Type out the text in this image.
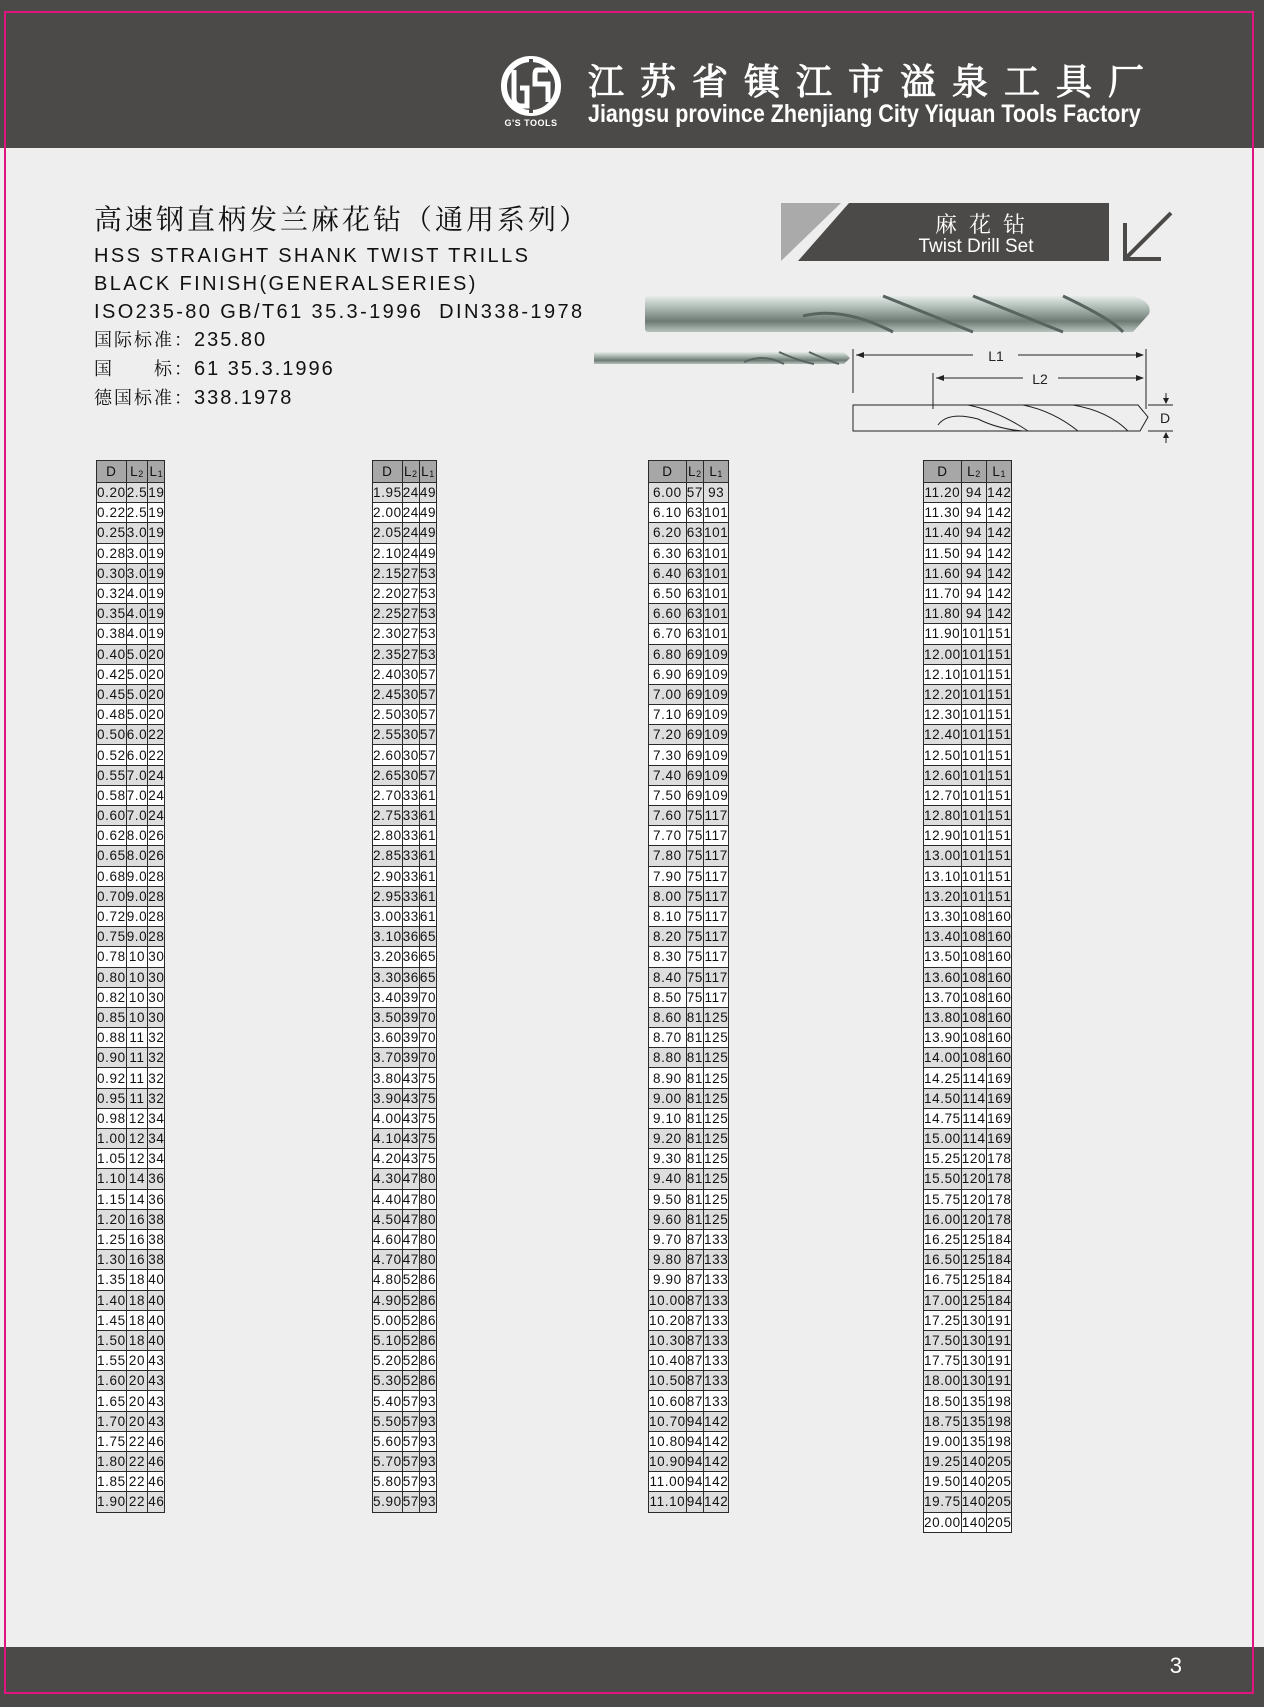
G'S TOOLS
江苏省镇江市溢泉工具厂
Jiangsu province Zhenjiang City Yiquan Tools Factory
高速钢直柄发兰麻花钻（通用系列）
HSS STRAIGHT SHANK TWIST TRILLS
BLACK FINISH(GENERALSERIES)
ISO235-80 GB/T61 35.3-1996  DIN338-1978
国际标准：235.80
国　　标：61 35.3.1996
德国标准：338.1978
麻花钻
Twist Drill Set
L1
L2
D
D	$L_2$	$L_1$
0.20	2.5	19
0.22	2.5	19
0.25	3.0	19
0.28	3.0	19
0.30	3.0	19
0.32	4.0	19
0.35	4.0	19
0.38	4.0	19
0.40	5.0	20
0.42	5.0	20
0.45	5.0	20
0.48	5.0	20
0.50	6.0	22
0.52	6.0	22
0.55	7.0	24
0.58	7.0	24
0.60	7.0	24
0.62	8.0	26
0.65	8.0	26
0.68	9.0	28
0.70	9.0	28
0.72	9.0	28
0.75	9.0	28
0.78	10	30
0.80	10	30
0.82	10	30
0.85	10	30
0.88	11	32
0.90	11	32
0.92	11	32
0.95	11	32
0.98	12	34
1.00	12	34
1.05	12	34
1.10	14	36
1.15	14	36
1.20	16	38
1.25	16	38
1.30	16	38
1.35	18	40
1.40	18	40
1.45	18	40
1.50	18	40
1.55	20	43
1.60	20	43
1.65	20	43
1.70	20	43
1.75	22	46
1.80	22	46
1.85	22	46
1.90	22	46
D	$L_2$	$L_1$
1.95	24	49
2.00	24	49
2.05	24	49
2.10	24	49
2.15	27	53
2.20	27	53
2.25	27	53
2.30	27	53
2.35	27	53
2.40	30	57
2.45	30	57
2.50	30	57
2.55	30	57
2.60	30	57
2.65	30	57
2.70	33	61
2.75	33	61
2.80	33	61
2.85	33	61
2.90	33	61
2.95	33	61
3.00	33	61
3.10	36	65
3.20	36	65
3.30	36	65
3.40	39	70
3.50	39	70
3.60	39	70
3.70	39	70
3.80	43	75
3.90	43	75
4.00	43	75
4.10	43	75
4.20	43	75
4.30	47	80
4.40	47	80
4.50	47	80
4.60	47	80
4.70	47	80
4.80	52	86
4.90	52	86
5.00	52	86
5.10	52	86
5.20	52	86
5.30	52	86
5.40	57	93
5.50	57	93
5.60	57	93
5.70	57	93
5.80	57	93
5.90	57	93
D	$L_2$	$L_1$
6.00	57	93
6.10	63	101
6.20	63	101
6.30	63	101
6.40	63	101
6.50	63	101
6.60	63	101
6.70	63	101
6.80	69	109
6.90	69	109
7.00	69	109
7.10	69	109
7.20	69	109
7.30	69	109
7.40	69	109
7.50	69	109
7.60	75	117
7.70	75	117
7.80	75	117
7.90	75	117
8.00	75	117
8.10	75	117
8.20	75	117
8.30	75	117
8.40	75	117
8.50	75	117
8.60	81	125
8.70	81	125
8.80	81	125
8.90	81	125
9.00	81	125
9.10	81	125
9.20	81	125
9.30	81	125
9.40	81	125
9.50	81	125
9.60	81	125
9.70	87	133
9.80	87	133
9.90	87	133
10.00	87	133
10.20	87	133
10.30	87	133
10.40	87	133
10.50	87	133
10.60	87	133
10.70	94	142
10.80	94	142
10.90	94	142
11.00	94	142
11.10	94	142
D	$L_2$	$L_1$
11.20	94	142
11.30	94	142
11.40	94	142
11.50	94	142
11.60	94	142
11.70	94	142
11.80	94	142
11.90	101	151
12.00	101	151
12.10	101	151
12.20	101	151
12.30	101	151
12.40	101	151
12.50	101	151
12.60	101	151
12.70	101	151
12.80	101	151
12.90	101	151
13.00	101	151
13.10	101	151
13.20	101	151
13.30	108	160
13.40	108	160
13.50	108	160
13.60	108	160
13.70	108	160
13.80	108	160
13.90	108	160
14.00	108	160
14.25	114	169
14.50	114	169
14.75	114	169
15.00	114	169
15.25	120	178
15.50	120	178
15.75	120	178
16.00	120	178
16.25	125	184
16.50	125	184
16.75	125	184
17.00	125	184
17.25	130	191
17.50	130	191
17.75	130	191
18.00	130	191
18.50	135	198
18.75	135	198
19.00	135	198
19.25	140	205
19.50	140	205
19.75	140	205
20.00	140	205
3
